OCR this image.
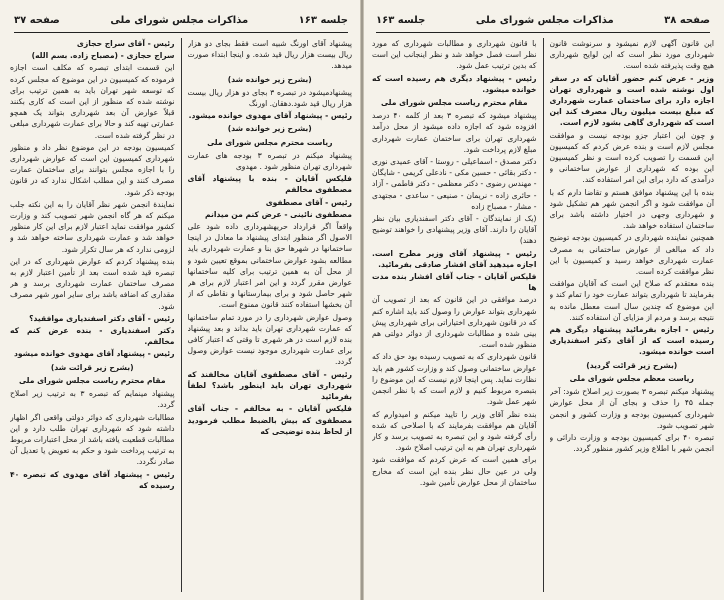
جلسه ۱۶۳
مذاکرات مجلس شورای ملی
صفحه ۳۷

پیشنهاد آقای اورنگ شبیه است فقط بجای دو هزار ریال بیست هزار ریال قید شده. و اینجا ابتداء صورت میدهد.

(بشرح زیر خوانده شد)

پیشنهادمیشود در تبصره ۳ بجای دو هزار ریال بیست هزار ریال قید شود.دهقان. اورنگ

رئیس - پیشنهاد آقای مهدوی خوانده میشود.

(بشرح زیر خوانده شد)

ریاست محترم مجلس شورای ملی

پیشنهاد میکنم در تبصره ۳ بودجه های عمارت شهرداری تهران منظور شود . مهدوی

فلیکس آقایان - بنده با پیشنهاد آقای مصطفوی مخالفم

رئیس - آقای مصطفوی

مصطفوی نائینی - عرض کنم من میدانم

واقعاً اگر قرارداد حریهشهرداری داده شود علی الاصول اگر منظور ابتدای پیشنهاد ما معادل در اینجا ساختمانها در شهرها حق بنا و عمارت شهرداری باید مطالعه بشود عوارض ساختمانی بموقع تعیین شود و از محل آن به همین ترتیب برای کلیه ساختمانها عوارض مقرر گردد و این امر اعتبار لازم برای هر شهر حاصل شود و برای بیمارستانها و نقاطی که از آن بخشها استفاده کنند قانون ممنوع است.

وصول عوارض شهرداری را در مورد تمام ساختمانها که عمارت شهرداری تهران باید بداند و بعد پیشنهاد بنده لازم است در هر شهری تا وقتی که اعتبار کافی برای عمارت شهرداری موجود نیست عوارض وصول گردد.

رئیس - آقای مصطفوی آقایان مخالفند که شهرداری تهران باید اینطور باشد؟ لطفاً بفرمائید

فلیکس آقایان - به مخالفم - جناب آقای مصطفوی که بیش بالضبط مطلب فرمودید از لحاظ بنده توضیحی که

رئیس - آقای سراج حجازی

سراج حجازی - (مصباح زاده. بسم الله)

این قسمت ابتدای تبصره که مکلف است اجازه فرموده که کمیسیون در این موضوع که مجلس کرده که توسعه شهر تهران باید به همین ترتیب برای نوشته شده که منظور از این است که کاری بکنند قبلاً عوارض آن بعد شهرداری بتواند یک همچو عمارتی تهیه کند و حالا برای عمارت شهرداری مبلغی در نظر گرفته شده است.

کمیسیون بودجه در این موضوع نظر داد و منظور شهرداری کمیسیون این است که عوارض شهرداری را با اجازه مجلس بتوانند برای ساختمان عمارت مصرف کنند و این مطلب اشکال ندارد که در قانون بودجه ذکر شود.

نمایندهٔ انجمن شهر نظر آقایان را به این نکته جلب میکنم که هر گاه انجمن شهر تصویب کند و وزارت کشور موافقت نماید اعتبار لازم برای این کار منظور خواهد شد و عمارت شهرداری ساخته خواهد شد و لزومی ندارد که هر سال تکرار شود.

بنده پیشنهاد کردم که عوارض شهرداری که در این تبصره قید شده است بعد از تأمین اعتبار لازم به مصرف ساختمان عمارت شهرداری برسد و هر مقداری که اضافه باشد برای سایر امور شهر مصرف شود.

رئیس - آقای دکتر اسفندیاری موافقید؟

دکتر اسفندیاری - بنده عرض کنم که مخالفم.

رئیس - پیشنهاد آقای مهدوی خوانده میشود

(بشرح زیر قرائت شد)

مقام محترم ریاست مجلس شورای ملی

پیشنهاد مینمایم که تبصره ۳ به ترتیب زیر اصلاح گردد.

مطالبات شهرداری که دوائر دولتی واقعی اگر اظهار داشته شود که شهرداری تهران طلب دارد و این مطالبات قطعیت یافته باشد از محل اعتبارات مربوط به ترتیب پرداخت شود و حکم به تعویض یا تعدیل آن صادر نگردد.

رئیس - پیشنهاد آقای مهدوی که تبصره ۴۰ رسیده که

صفحه ۳۸
مذاکرات مجلس شورای ملی
جلسه ۱۶۳

این قانون آگهی لازم نمیشود و سرنوشت قانون شهرداری مورد نظر است که این لوایح شهرداری هیچ وقت پذیرفته شده است.

وزیر - عرض کنم حضور آقایان که در سفر اول نوشته شده است و شهرداری تهران اجازه دارد برای ساختمان عمارت شهرداری که مبلغ بیست میلیون ریال مصرف کند این است که شهرداری گاهی بشود لازم است.

و چون این اعتبار جزو بودجه نیست و موافقت مجلس لازم است و بنده عرض کردم که کمیسیون این قسمت را تصویب کرده است و نظر کمیسیون این بوده که شهرداری از عوارض ساختمانی و درآمدی که دارد برای این امر استفاده کند.

بنده با این پیشنهاد موافق هستم و تقاضا دارم که با آن موافقت شود و اگر انجمن شهر هم تشکیل شود و شهرداری وجهی در اختیار داشته باشد برای ساختمان استفاده خواهد شد.

همچنین نماینده شهرداری در کمیسیون بودجه توضیح داد که مبالغی از عوارض ساختمانی به مصرف عمارت شهرداری خواهد رسید و کمیسیون با این نظر موافقت کرده است.

بنده معتقدم که صلاح این است که آقایان موافقت بفرمایند تا شهرداری بتواند عمارت خود را تمام کند و این موضوع که چندین سال است معطل مانده به نتیجه برسد و مردم از مزایای آن استفاده کنند.

رئیس - اجازه بفرمائید پیشنهاد دیگری هم رسیده است که از آقای دکتر اسفندیاری است خوانده میشود.

(بشرح زیر قرائت گردید)

ریاست معظم مجلس شورای ملی

پیشنهاد میکنم تبصره ۳ بصورت زیر اصلاح شود: آخر جمله ۴۵ را حذف و بجای آن از محل عوارض شهرداری کمیسیون بودجه و وزارت کشور و انجمن شهر تصویب شود.

تبصره ۴۰ برای کمیسیون بودجه و وزارت دارائی و انجمن شهر با اطلاع وزیر کشور منظور گردد.

با قانون شهرداری و مطالبات شهرداری که مورد نظر است فصل خواهد شد و نظر اینجانب این است که بدین ترتیب عمل شود.

رئیس - پیشنهاد دیگری هم رسیده است که خوانده میشود.

مقام محترم ریاست مجلس شورای ملی

پیشنهاد میشود که تبصره ۳ بعد از کلمه ۴۰ درصد افزوده شود که اجازه داده میشود از محل درآمد شهرداری تهران برای ساختمان عمارت شهرداری مبلغ لازم پرداخت شود.

دکتر مصدق - اسماعیلی - روستا - آقای عمیدی نوری - دکتر بقائی - حسین مکی - نادعلی کریمی - شایگان - مهندس رضوی - دکتر معظمی - دکتر فاطمی - آزاد - حائری زاده - نریمان - صنیعی - ساعدی - مجتهدی - مشار - مصباح زاده

(یک از نمایندگان - آقای دکتر اسفندیاری بیان نظر آقایان را دارند. آقای وزیر پیشنهادی را خواهند توضیح دهند)

رئیس - پیشنهاد آقای وزیر مطرح است. اجازه میدهید آقای افشار صادقی بفرمائید.

فلیکس آقایان - جناب آقای افشار بنده مدت ها

درصد موافقی در این قانون که بعد از تصویب آن شهرداری بتواند عوارض را وصول کند باید اشاره کنم که در قانون شهرداری اختیاراتی برای شهرداری پیش بینی شده و مطالبات شهرداری از دوائر دولتی هم منظور شده است.

قانون شهرداری که به تصویب رسیده بود حق داد که عوارض ساختمانی وصول کند و وزارت کشور هم باید نظارت نماید. پس اینجا لازم نیست که این موضوع را بتبصره مربوط کنیم و لازم است که با نظر انجمن شهر عمل شود.

بنده نظر آقای وزیر را تایید میکنم و امیدوارم که آقایان هم موافقت بفرمایند که با اصلاحی که شده رأی گرفته شود و این تبصره به تصویب برسد و کار شهرداری تهران هم به این ترتیب اصلاح شود.

برای همین است که عرض کردم که موافقت شود ولی در عین حال نظر بنده این است که مخارج ساختمان از محل عوارض تأمین شود.
